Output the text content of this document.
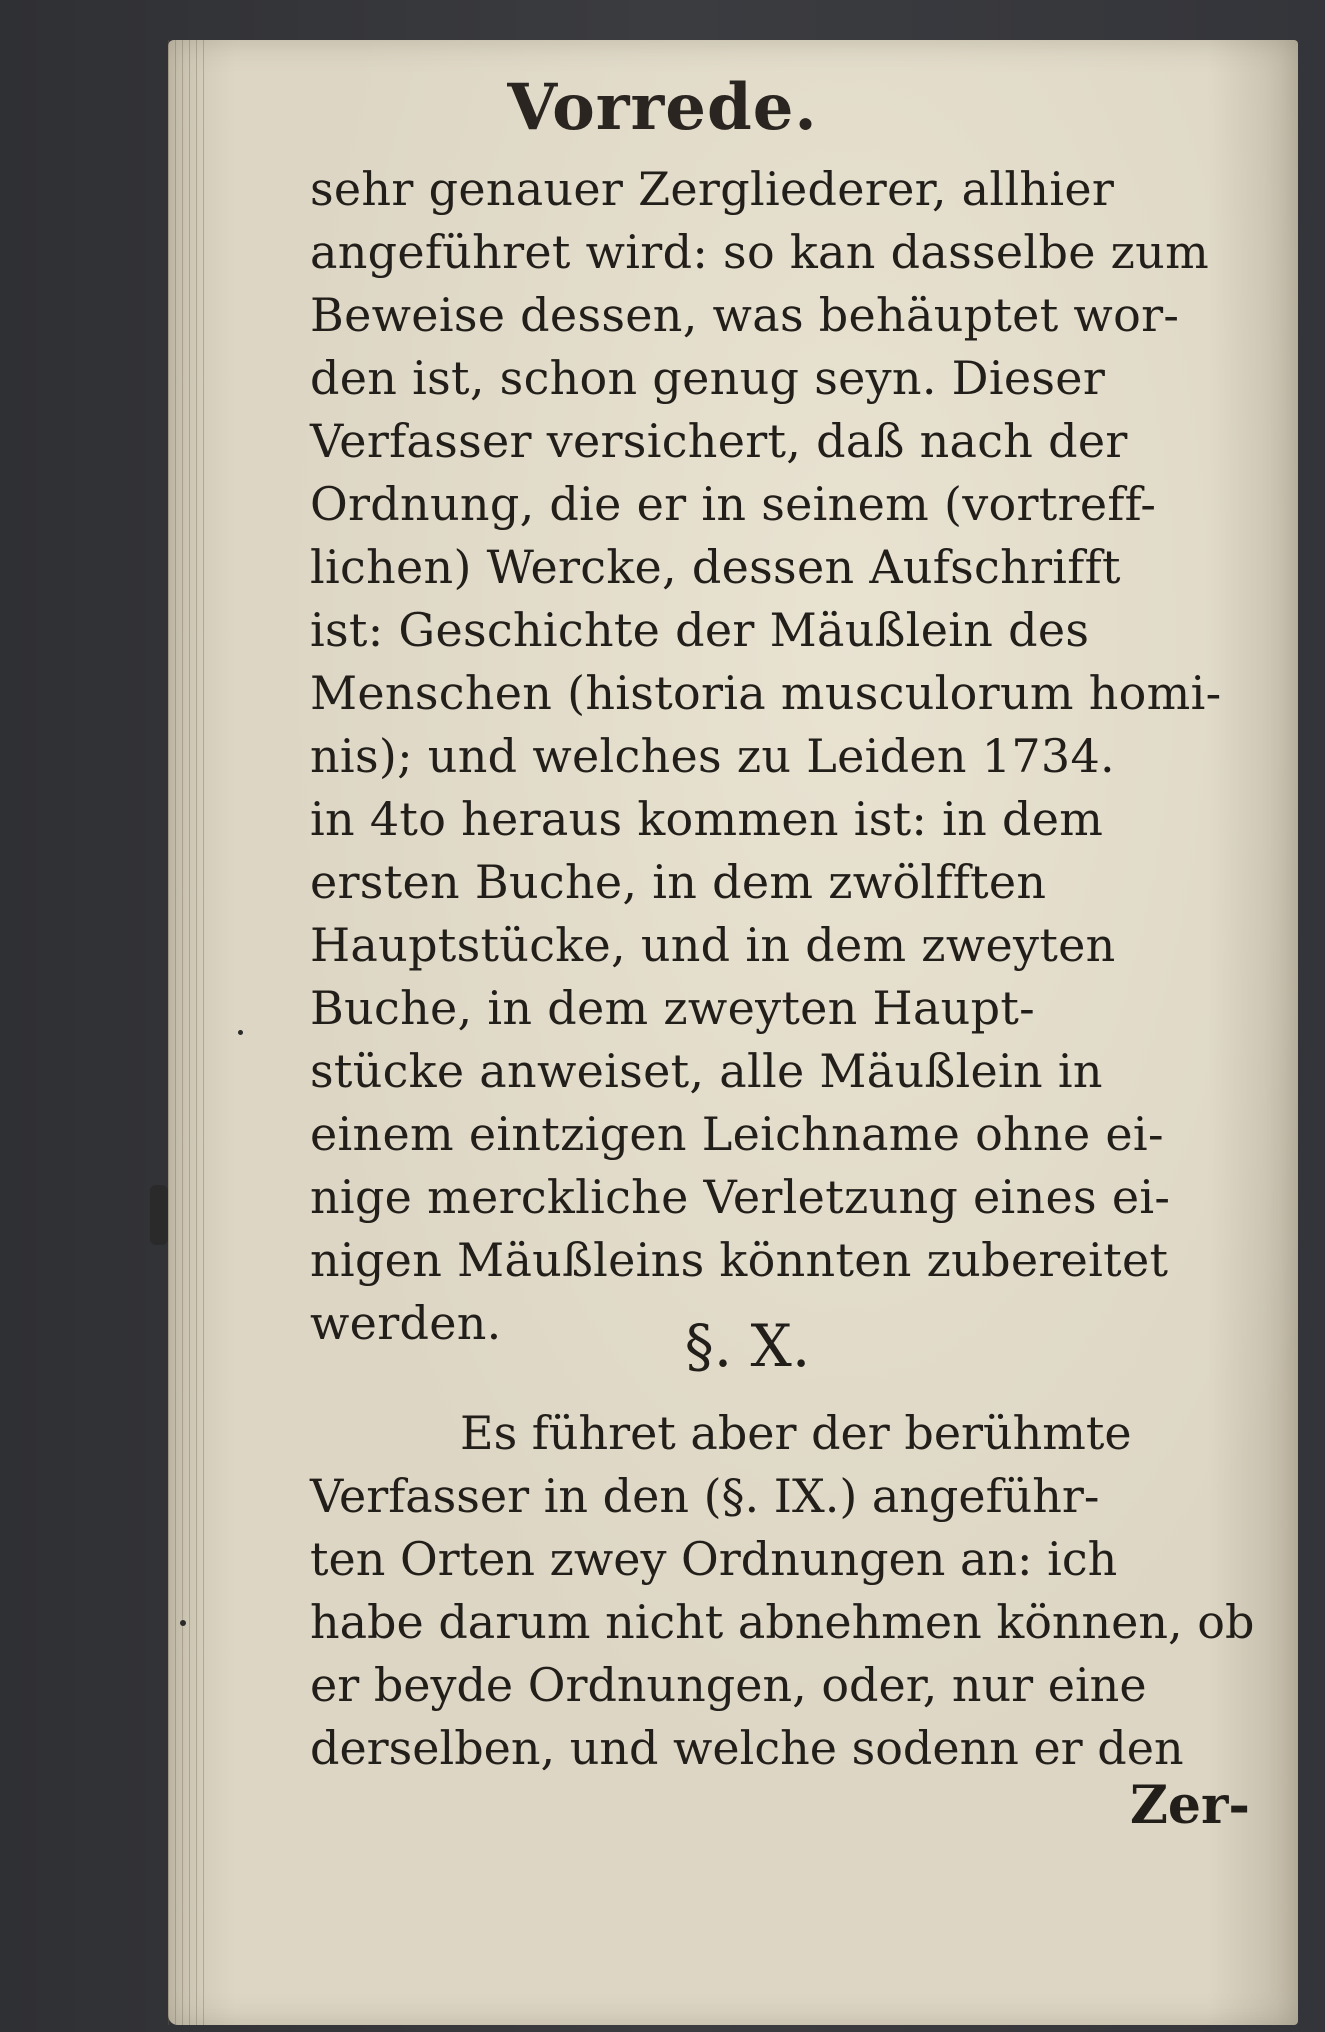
Vorrede.
sehr genauer Zergliederer, allhier
angeführet wird: so kan dasselbe zum
Beweise dessen, was behäuptet wor-
den ist, schon genug seyn. Dieser
Verfasser versichert, daß nach der
Ordnung, die er in seinem (vortreff-
lichen) Wercke, dessen Aufschrifft
ist: Geschichte der Mäußlein des
Menschen (historia musculorum homi-
nis); und welches zu Leiden 1734.
in 4to heraus kommen ist: in dem
ersten Buche, in dem zwölfften
Hauptstücke, und in dem zweyten
Buche, in dem zweyten Haupt-
stücke anweiset, alle Mäußlein in
einem eintzigen Leichname ohne ei-
nige merckliche Verletzung eines ei-
nigen Mäußleins könnten zubereitet
werden.	§. X.
Es führet aber der berühmte
Verfasser in den (§. IX.) angeführ-
ten Orten zwey Ordnungen an: ich
habe darum nicht abnehmen können, ob
er beyde Ordnungen, oder, nur eine
derselben, und welche sodenn er den
Zer-
